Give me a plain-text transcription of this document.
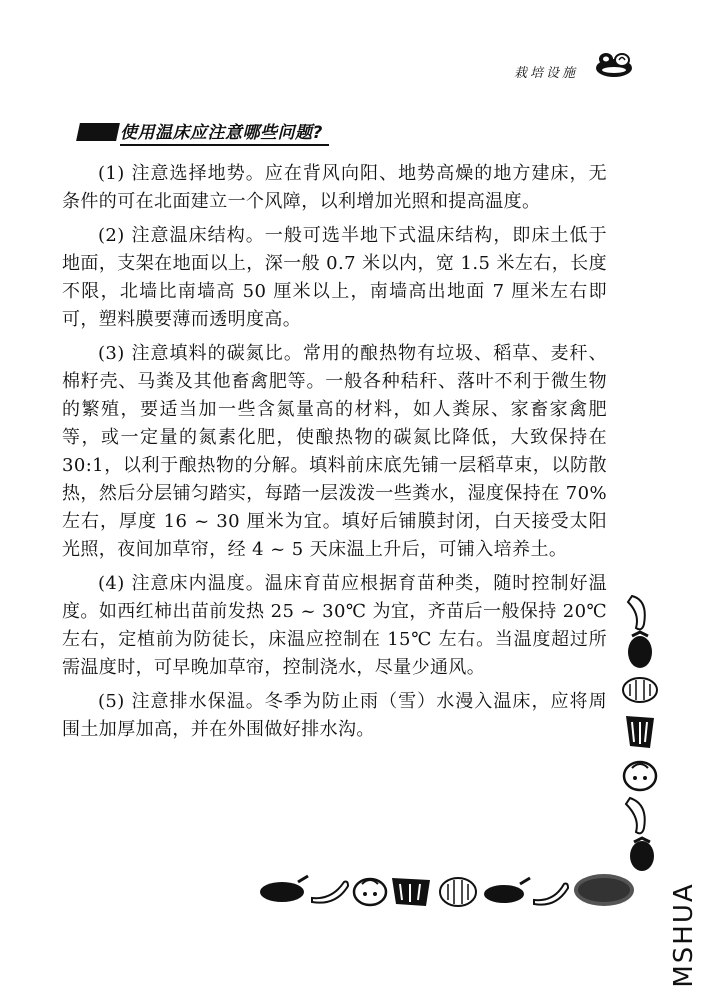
栽培设施
使用温床应注意哪些问题?

(1) 注意选择地势。应在背风向阳、地势高燥的地方建床，无条件的可在北面建立一个风障，以利增加光照和提高温度。

(2) 注意温床结构。一般可选半地下式温床结构，即床土低于地面，支架在地面以上，深一般 0.7 米以内，宽 1.5 米左右，长度不限，北墙比南墙高 50 厘米以上，南墙高出地面 7 厘米左右即可，塑料膜要薄而透明度高。

(3) 注意填料的碳氮比。常用的酿热物有垃圾、稻草、麦秆、棉籽壳、马粪及其他畜禽肥等。一般各种秸秆、落叶不利于微生物的繁殖，要适当加一些含氮量高的材料，如人粪尿、家畜家禽肥等，或一定量的氮素化肥，使酿热物的碳氮比降低，大致保持在 30:1，以利于酿热物的分解。填料前床底先铺一层稻草束，以防散热，然后分层铺匀踏实，每踏一层泼泼一些粪水，湿度保持在 70% 左右，厚度 16 ~ 30 厘米为宜。填好后铺膜封闭，白天接受太阳光照，夜间加草帘，经 4 ~ 5 天床温上升后，可铺入培养土。

(4) 注意床内温度。温床育苗应根据育苗种类，随时控制好温度。如西红柿出苗前发热 25 ~ 30℃ 为宜，齐苗后一般保持 20℃ 左右，定植前为防徒长，床温应控制在 15℃ 左右。当温度超过所需温度时，可早晚加草帘，控制浇水，尽量少通风。

(5) 注意排水保温。冬季为防止雨（雪）水漫入温床，应将周围土加厚加高，并在外围做好排水沟。

MSHUA
